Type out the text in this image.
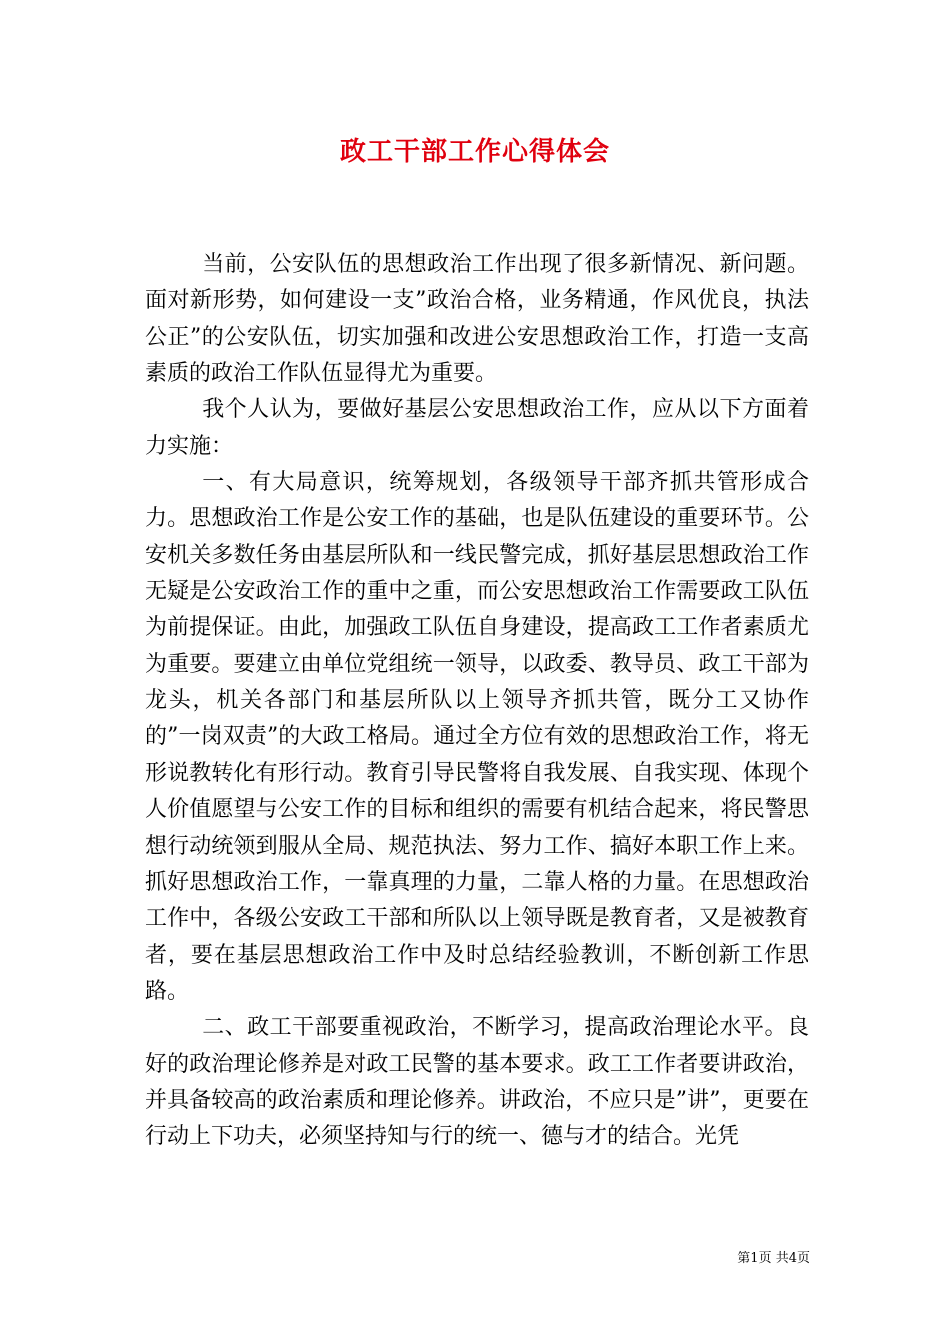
政工干部工作心得体会

当前，公安队伍的思想政治工作出现了很多新情况、新问题。面对新形势，如何建设一支”政治合格，业务精通，作风优良，执法公正”的公安队伍，切实加强和改进公安思想政治工作，打造一支高素质的政治工作队伍显得尤为重要。

我个人认为，要做好基层公安思想政治工作，应从以下方面着力实施：

一、有大局意识，统筹规划，各级领导干部齐抓共管形成合力。思想政治工作是公安工作的基础，也是队伍建设的重要环节。公安机关多数任务由基层所队和一线民警完成，抓好基层思想政治工作无疑是公安政治工作的重中之重，而公安思想政治工作需要政工队伍为前提保证。由此，加强政工队伍自身建设，提高政工工作者素质尤为重要。要建立由单位党组统一领导，以政委、教导员、政工干部为龙头，机关各部门和基层所队以上领导齐抓共管，既分工又协作的”一岗双责”的大政工格局。通过全方位有效的思想政治工作，将无形说教转化有形行动。教育引导民警将自我发展、自我实现、体现个人价值愿望与公安工作的目标和组织的需要有机结合起来，将民警思想行动统领到服从全局、规范执法、努力工作、搞好本职工作上来。抓好思想政治工作，一靠真理的力量，二靠人格的力量。在思想政治工作中，各级公安政工干部和所队以上领导既是教育者，又是被教育者，要在基层思想政治工作中及时总结经验教训，不断创新工作思路。

二、政工干部要重视政治，不断学习，提高政治理论水平。良好的政治理论修养是对政工民警的基本要求。政工工作者要讲政治，并具备较高的政治素质和理论修养。讲政治，不应只是”讲”，更要在行动上下功夫，必须坚持知与行的统一、德与才的结合。光凭

第1页 共4页
